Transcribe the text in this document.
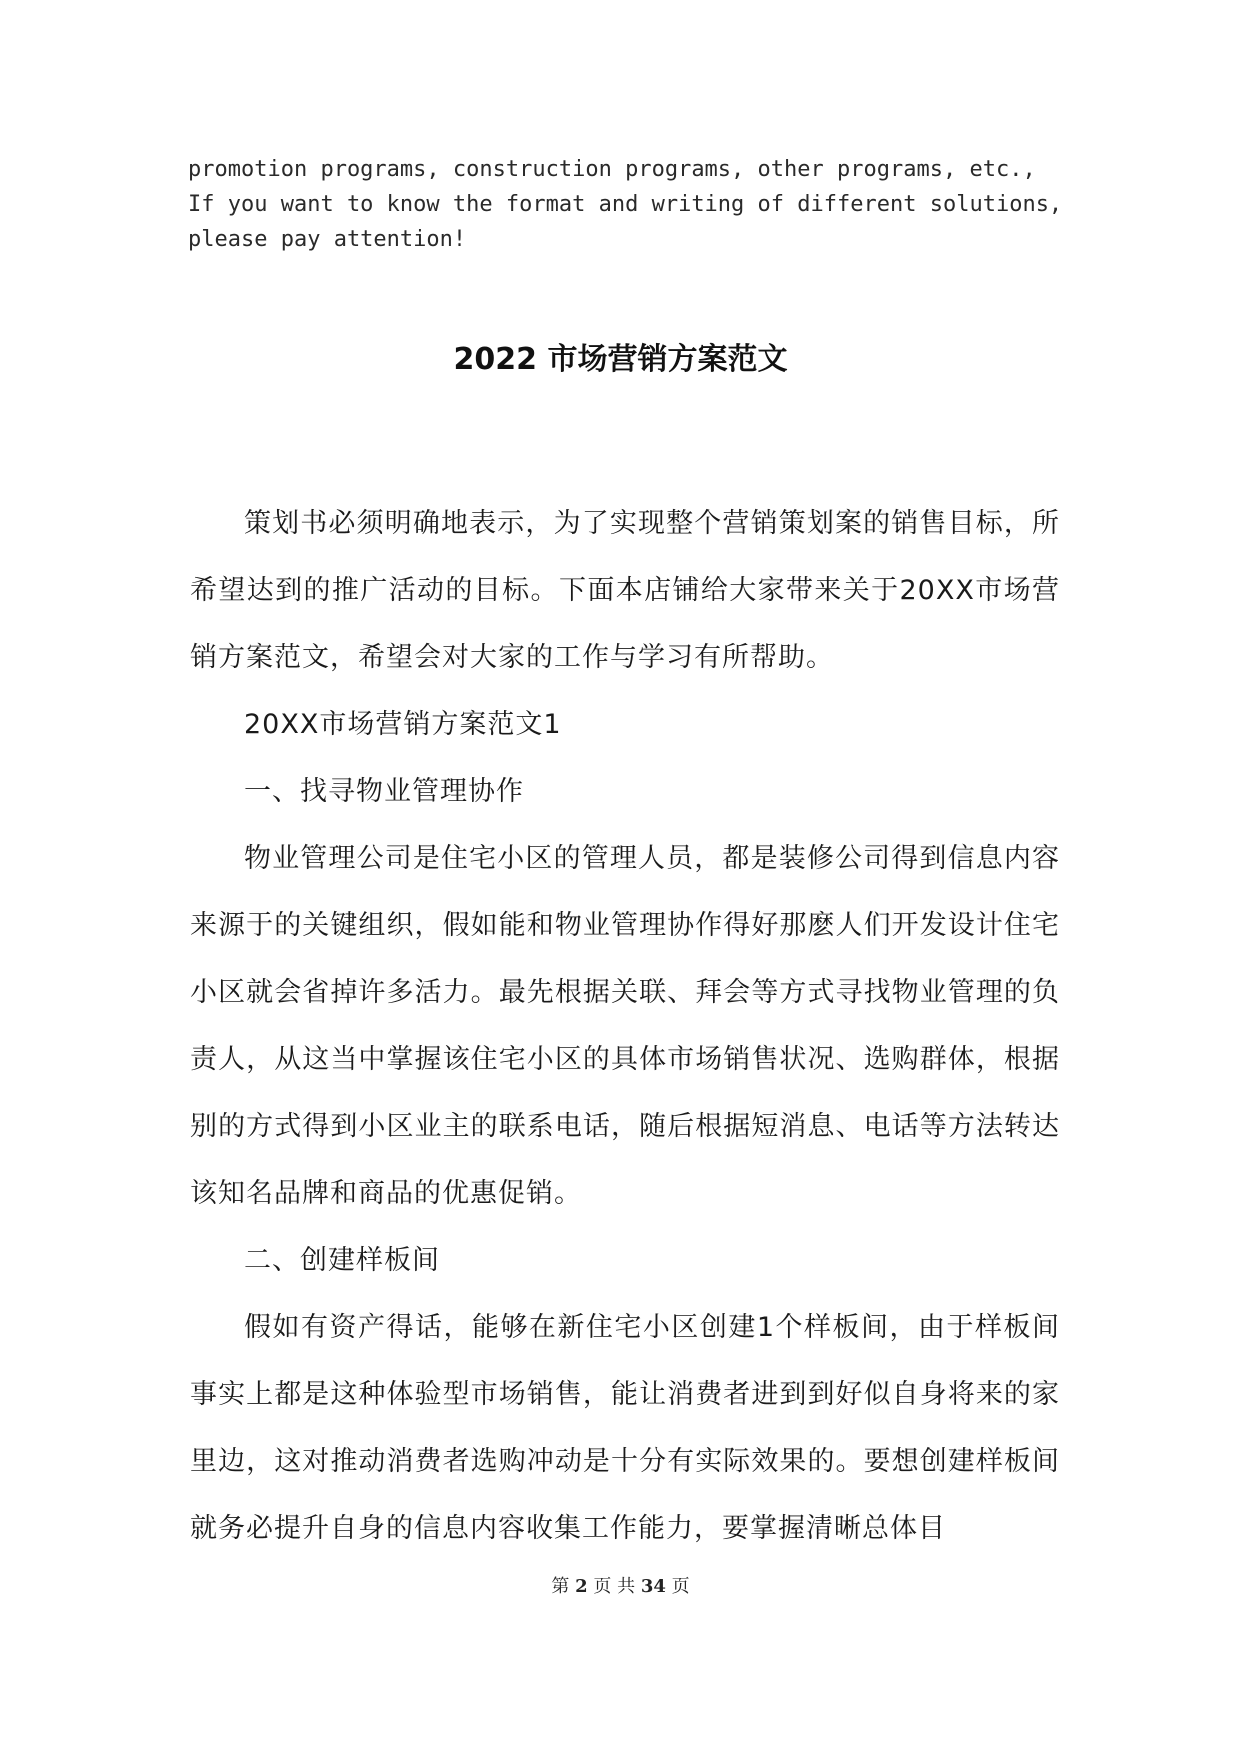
promotion programs, construction programs, other programs, etc., If you want to know the format and writing of different solutions, please pay attention!

2022 市场营销方案范文

策划书必须明确地表示，为了实现整个营销策划案的销售目标，所希望达到的推广活动的目标。下面本店铺给大家带来关于20XX市场营销方案范文，希望会对大家的工作与学习有所帮助。

20XX市场营销方案范文1

一、找寻物业管理协作

物业管理公司是住宅小区的管理人员，都是装修公司得到信息内容来源于的关键组织，假如能和物业管理协作得好那麽人们开发设计住宅小区就会省掉许多活力。最先根据关联、拜会等方式寻找物业管理的负责人，从这当中掌握该住宅小区的具体市场销售状况、选购群体，根据别的方式得到小区业主的联系电话，随后根据短消息、电话等方法转达该知名品牌和商品的优惠促销。

二、创建样板间

假如有资产得话，能够在新住宅小区创建1个样板间，由于样板间事实上都是这种体验型市场销售，能让消费者进到到好似自身将来的家里边，这对推动消费者选购冲动是十分有实际效果的。要想创建样板间就务必提升自身的信息内容收集工作能力，要掌握清晰总体目

第 2 页 共 34 页
